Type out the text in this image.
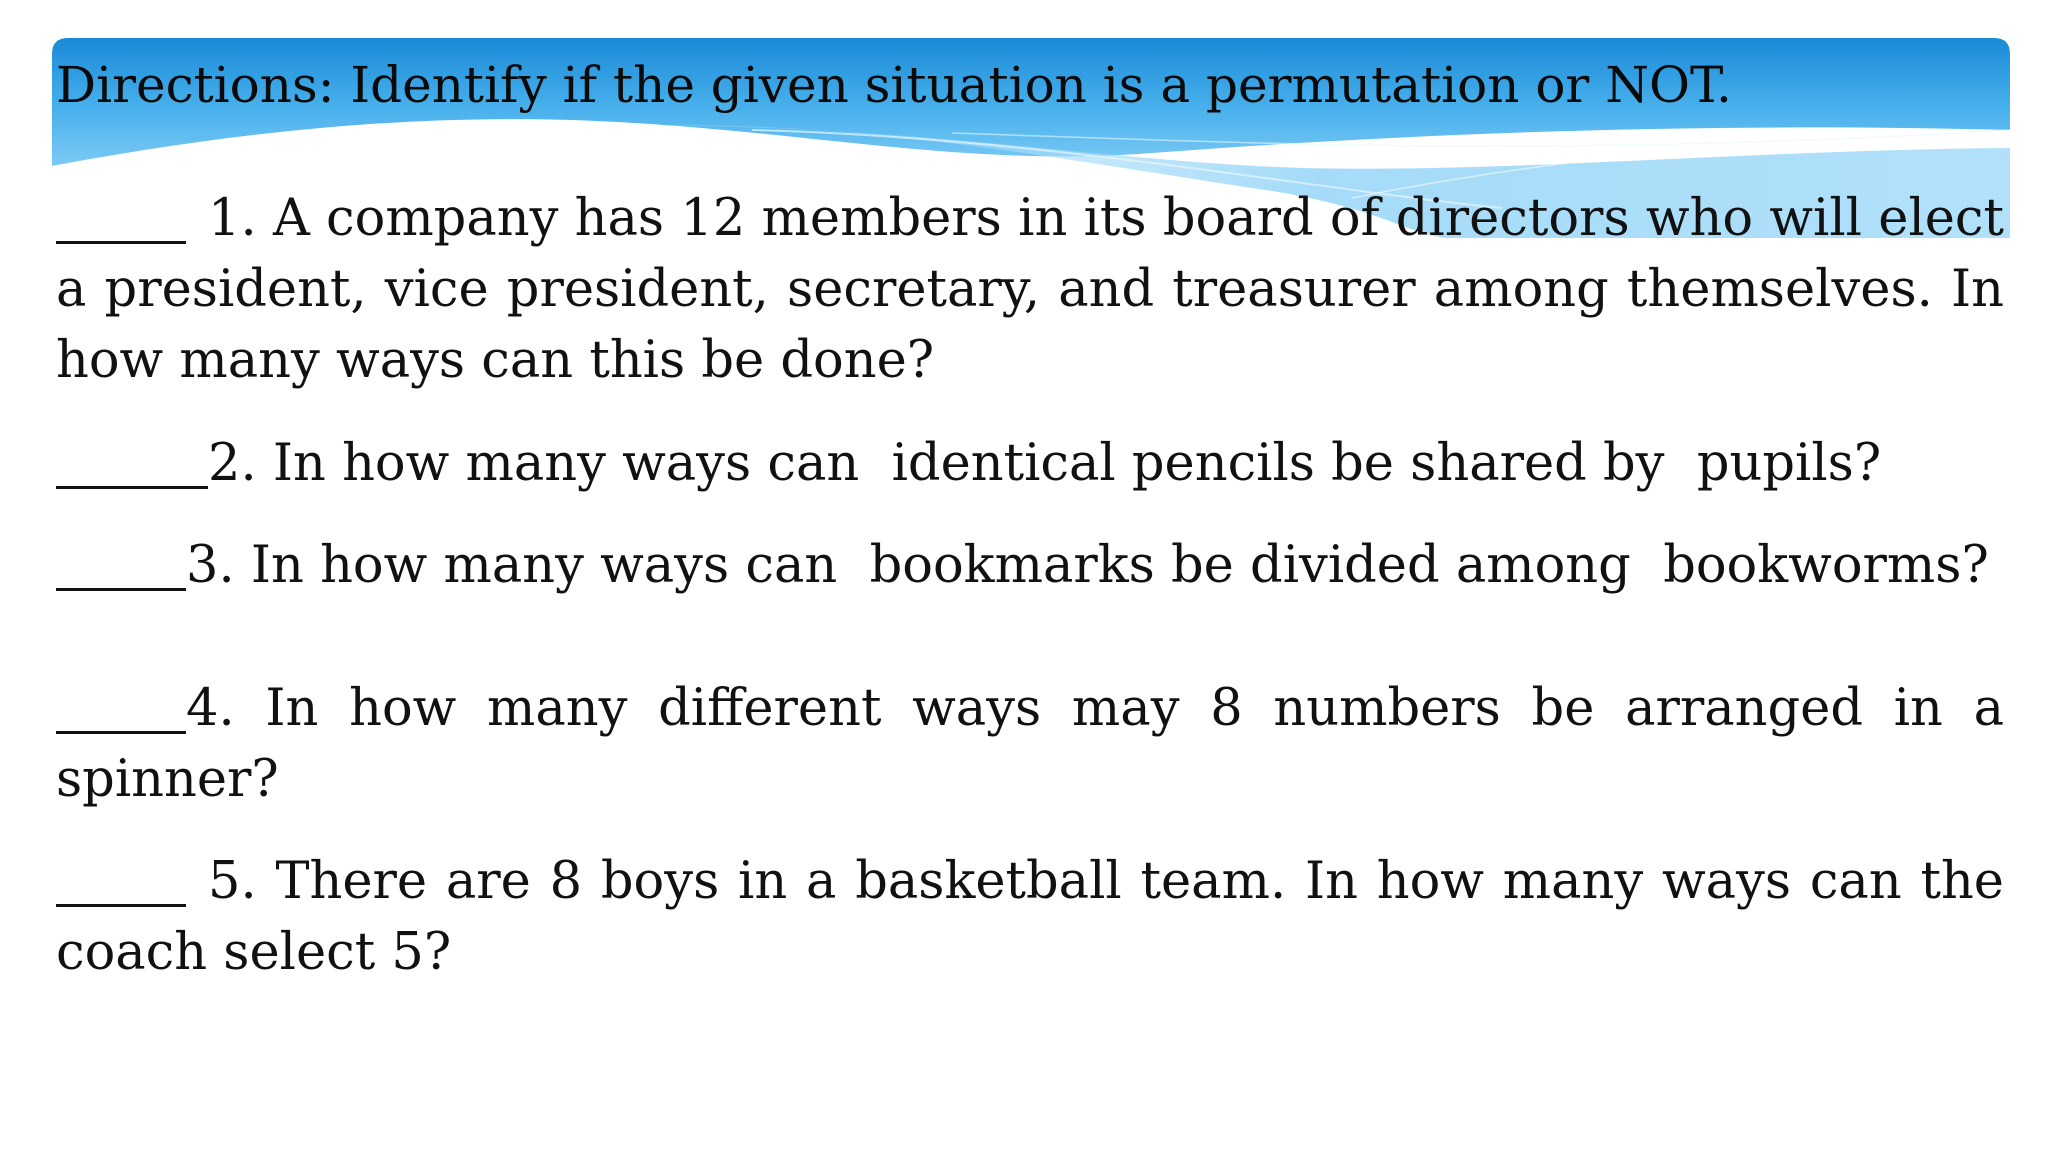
Directions: Identify if the given situation is a permutation or NOT.

1. A company has 12 members in its board of directors who will elect a president, vice president, secretary, and treasurer among themselves. In how many ways can this be done?

2. In how many ways can  identical pencils be shared by  pupils?

3. In how many ways can  bookmarks be divided among  bookworms?

4. In how many different ways may 8 numbers be arranged in a spinner?

5. There are 8 boys in a basketball team. In how many ways can the coach select 5?
